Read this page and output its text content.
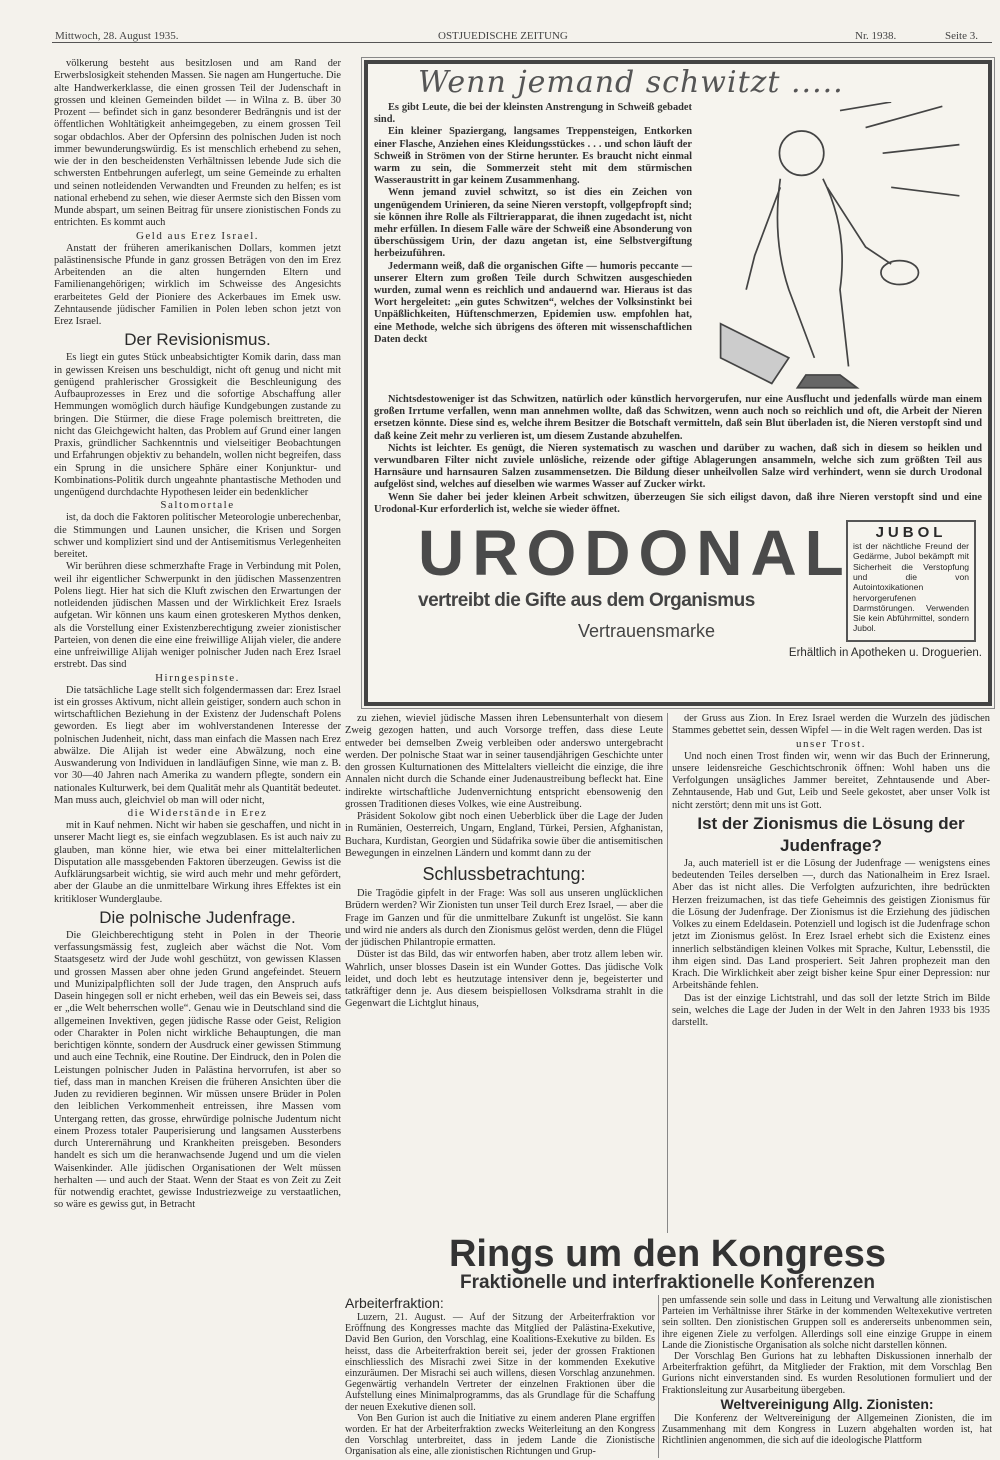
Mittwoch, 28. August 1935.	OSTJUEDISCHE ZEITUNG	Nr. 1938.	Seite 3.

völkerung besteht aus besitzlosen und am Rand der Erwerbslosigkeit stehenden Massen. Sie nagen am Hungertuche. Die alte Handwerkerklasse, die einen grossen Teil der Judenschaft in grossen und kleinen Gemeinden bildet — in Wilna z. B. über 30 Prozent — befindet sich in ganz besonderer Bedrängnis und ist der öffentlichen Wohltätigkeit anheimgegeben, zu einem grossen Teil sogar obdachlos. Aber der Opfersinn des polnischen Juden ist noch immer bewunderungswürdig. Es ist menschlich erhebend zu sehen, wie der in den bescheidensten Verhältnissen lebende Jude sich die schwersten Entbehrungen auferlegt, um seine Gemeinde zu erhalten und seinen notleidenden Verwandten und Freunden zu helfen; es ist national erhebend zu sehen, wie dieser Aermste sich den Bissen vom Munde abspart, um seinen Beitrag für unsere zionistischen Fonds zu entrichten. Es kommt auch

Geld aus Erez Israel.

Anstatt der früheren amerikanischen Dollars, kommen jetzt palästinensische Pfunde in ganz grossen Beträgen von den im Erez Arbeitenden an die alten hungernden Eltern und Familienangehörigen; wirklich im Schweisse des Angesichts erarbeitetes Geld der Pioniere des Ackerbaues im Emek usw. Zehntausende jüdischer Familien in Polen leben schon jetzt von Erez Israel.

Der Revisionismus.

Es liegt ein gutes Stück unbeabsichtigter Komik darin, dass man in gewissen Kreisen uns beschuldigt, nicht oft genug und nicht mit genügend prahlerischer Grossigkeit die Beschleunigung des Aufbauprozesses in Erez und die sofortige Abschaffung aller Hemmungen womöglich durch häufige Kundgebungen zustande zu bringen. Die Stürmer, die diese Frage polemisch breittreten, die nicht das Gleichgewicht halten, das Problem auf Grund einer langen Praxis, gründlicher Sachkenntnis und vielseitiger Beobachtungen und Erfahrungen objektiv zu behandeln, wollen nicht begreifen, dass ein Sprung in die unsichere Sphäre einer Konjunktur- und Kombinations-Politik durch ungeahnte phantastische Methoden und ungenügend durchdachte Hypothesen leider ein bedenklicher

Saltomortale

ist, da doch die Faktoren politischer Meteorologie unberechenbar, die Stimmungen und Launen unsicher, die Krisen und Sorgen schwer und kompliziert sind und der Antisemitismus Verlegenheiten bereitet.

Wir berühren diese schmerzhafte Frage in Verbindung mit Polen, weil ihr eigentlicher Schwerpunkt in den jüdischen Massenzentren Polens liegt. Hier hat sich die Kluft zwischen den Erwartungen der notleidenden jüdischen Massen und der Wirklichkeit Erez Israels aufgetan. Wir können uns kaum einen groteskeren Mythos denken, als die Vorstellung einer Existenzberechtigung zweier zionistischer Parteien, von denen die eine eine freiwillige Alijah vieler, die andere eine unfreiwillige Alijah weniger polnischer Juden nach Erez Israel erstrebt. Das sind

Hirngespinste.

Die tatsächliche Lage stellt sich folgendermassen dar: Erez Israel ist ein grosses Aktivum, nicht allein geistiger, sondern auch schon in wirtschaftlichen Beziehung in der Existenz der Judenschaft Polens geworden. Es liegt aber im wohlverstandenen Interesse der polnischen Judenheit, nicht, dass man einfach die Massen nach Erez abwälze. Die Alijah ist weder eine Abwälzung, noch eine Auswanderung von Individuen in landläufigen Sinne, wie man z. B. vor 30—40 Jahren nach Amerika zu wandern pflegte, sondern ein nationales Kulturwerk, bei dem Qualität mehr als Quantität bedeutet. Man muss auch, gleichviel ob man will oder nicht,

die Widerstände in Erez

mit in Kauf nehmen. Nicht wir haben sie geschaffen, und nicht in unserer Macht liegt es, sie einfach wegzublasen. Es ist auch naiv zu glauben, man könne hier, wie etwa bei einer mittelalterlichen Disputation alle massgebenden Faktoren überzeugen. Gewiss ist die Aufklärungsarbeit wichtig, sie wird auch mehr und mehr gefördert, aber der Glaube an die unmittelbare Wirkung ihres Effektes ist ein kritikloser Wunderglaube.

Die polnische Judenfrage.

Die Gleichberechtigung steht in Polen in der Theorie verfassungsmässig fest, zugleich aber wächst die Not. Vom Staatsgesetz wird der Jude wohl geschützt, von gewissen Klassen und grossen Massen aber ohne jeden Grund angefeindet. Steuern und Munizipalpflichten soll der Jude tragen, den Anspruch aufs Dasein hingegen soll er nicht erheben, weil das ein Beweis sei, dass er „die Welt beherrschen wolle“. Genau wie in Deutschland sind die allgemeinen Invektiven, gegen jüdische Rasse oder Geist, Religion oder Charakter in Polen nicht wirkliche Behauptungen, die man berichtigen könnte, sondern der Ausdruck einer gewissen Stimmung und auch eine Technik, eine Routine. Der Eindruck, den in Polen die Leistungen polnischer Juden in Palästina hervorrufen, ist aber so tief, dass man in manchen Kreisen die früheren Ansichten über die Juden zu revidieren beginnen. Wir müssen unsere Brüder in Polen den leiblichen Verkommenheit entreissen, ihre Massen vom Untergang retten, das grosse, ehrwürdige polnische Judentum nicht einem Prozess totaler Pauperisierung und langsamen Aussterbens durch Unterernährung und Krankheiten preisgeben. Besonders handelt es sich um die heranwachsende Jugend und um die vielen Waisenkinder. Alle jüdischen Organisationen der Welt müssen herhalten — und auch der Staat. Wenn der Staat es von Zeit zu Zeit für notwendig erachtet, gewisse Industriezweige zu verstaatlichen, so wäre es gewiss gut, in Betracht

Wenn jemand schwitzt .....

Es gibt Leute, die bei der kleinsten Anstrengung in Schweiß gebadet sind.

Ein kleiner Spaziergang, langsames Treppensteigen, Entkorken einer Flasche, Anziehen eines Kleidungsstückes . . . und schon läuft der Schweiß in Strömen von der Stirne herunter. Es braucht nicht einmal warm zu sein, die Sommerzeit steht mit dem stürmischen Wasseraustritt in gar keinem Zusammenhang.

Wenn jemand zuviel schwitzt, so ist dies ein Zeichen von ungenügendem Urinieren, da seine Nieren verstopft, vollgepfropft sind; sie können ihre Rolle als Filtrierapparat, die ihnen zugedacht ist, nicht mehr erfüllen. In diesem Falle wäre der Schweiß eine Absonderung von überschüssigem Urin, der dazu angetan ist, eine Selbstvergiftung herbeizuführen.

Jedermann weiß, daß die organischen Gifte — humoris peccante — unserer Eltern zum großen Teile durch Schwitzen ausgeschieden wurden, zumal wenn es reichlich und andauernd war. Hieraus ist das Wort hergeleitet: „ein gutes Schwitzen“, welches der Volksinstinkt bei Unpäßlichkeiten, Hüftenschmerzen, Epidemien usw. empfohlen hat, eine Methode, welche sich übrigens des öfteren mit wissenschaftlichen Daten deckt

Nichtsdestoweniger ist das Schwitzen, natürlich oder künstlich hervorgerufen, nur eine Ausflucht und jedenfalls würde man einem großen Irrtume verfallen, wenn man annehmen wollte, daß das Schwitzen, wenn auch noch so reichlich und oft, die Arbeit der Nieren ersetzen könnte. Diese sind es, welche ihrem Besitzer die Botschaft vermitteln, daß sein Blut überladen ist, die Nieren verstopft sind und daß keine Zeit mehr zu verlieren ist, um diesem Zustande abzuhelfen.

Nichts ist leichter. Es genügt, die Nieren systematisch zu waschen und darüber zu wachen, daß sich in diesem so heiklen und verwundbaren Filter nicht zuviele unlösliche, reizende oder giftige Ablagerungen ansammeln, welche sich zum größten Teil aus Harnsäure und harnsauren Salzen zusammensetzen. Die Bildung dieser unheilvollen Salze wird verhindert, wenn sie durch Urodonal aufgelöst sind, welches auf dieselben wie warmes Wasser auf Zucker wirkt.

Wenn Sie daher bei jeder kleinen Arbeit schwitzen, überzeugen Sie sich eiligst davon, daß ihre Nieren verstopft sind und eine Urodonal-Kur erforderlich ist, welche sie wieder öffnet.

URODONAL
vertreibt die Gifte aus dem Organismus
Vertrauensmarke
JUBOL
ist der nächtliche Freund der Gedärme, Jubol bekämpft mit Sicherheit die Verstopfung und die von Autointoxikationen hervorgerufenen Darmstörungen. Verwenden Sie kein Abführmittel, sondern Jubol.
Erhältlich in Apotheken u. Droguerien.

zu ziehen, wieviel jüdische Massen ihren Lebensunterhalt von diesem Zweig gezogen hatten, und auch Vorsorge treffen, dass diese Leute entweder bei demselben Zweig verbleiben oder anderswo untergebracht werden. Der polnische Staat war in seiner tausendjährigen Geschichte unter den grossen Kulturnationen des Mittelalters vielleicht die einzige, die ihre Annalen nicht durch die Schande einer Judenaustreibung befleckt hat. Eine indirekte wirtschaftliche Judenvernichtung entspricht ebensowenig den grossen Traditionen dieses Volkes, wie eine Austreibung.

Präsident Sokolow gibt noch einen Ueberblick über die Lage der Juden in Rumänien, Oesterreich, Ungarn, England, Türkei, Persien, Afghanistan, Buchara, Kurdistan, Georgien und Südafrika sowie über die antisemitischen Bewegungen in einzelnen Ländern und kommt dann zu der

Schlussbetrachtung:

Die Tragödie gipfelt in der Frage: Was soll aus unseren unglücklichen Brüdern werden? Wir Zionisten tun unser Teil durch Erez Israel, — aber die Frage im Ganzen und für die unmittelbare Zukunft ist ungelöst. Sie kann und wird nie anders als durch den Zionismus gelöst werden, denn die Flügel der jüdischen Philantropie ermatten.

Düster ist das Bild, das wir entworfen haben, aber trotz allem leben wir. Wahrlich, unser blosses Dasein ist ein Wunder Gottes. Das jüdische Volk leidet, und doch lebt es heutzutage intensiver denn je, begeisterter und tatkräftiger denn je. Aus diesem beispiellosen Volksdrama strahlt in die Gegenwart die Lichtglut hinaus,

der Gruss aus Zion. In Erez Israel werden die Wurzeln des jüdischen Stammes gebettet sein, dessen Wipfel — in die Welt ragen werden. Das ist

unser Trost.

Und noch einen Trost finden wir, wenn wir das Buch der Erinnerung, unsere leidensreiche Geschichtschronik öffnen: Wohl haben uns die Verfolgungen unsägliches Jammer bereitet, Zehntausende und Aber-Zehntausende, Hab und Gut, Leib und Seele gekostet, aber unser Volk ist nicht zerstört; denn mit uns ist Gott.

Ist der Zionismus die Lösung der Judenfrage?

Ja, auch materiell ist er die Lösung der Judenfrage — wenigstens eines bedeutenden Teiles derselben —, durch das Nationalheim in Erez Israel. Aber das ist nicht alles. Die Verfolgten aufzurichten, ihre bedrückten Herzen freizumachen, ist das tiefe Geheimnis des geistigen Zionismus für die Lösung der Judenfrage. Der Zionismus ist die Erziehung des jüdischen Volkes zu einem Edeldasein. Potenziell und logisch ist die Judenfrage schon jetzt im Zionismus gelöst. In Erez Israel erhebt sich die Existenz eines innerlich selbständigen kleinen Volkes mit Sprache, Kultur, Lebensstil, die ihm eigen sind. Das Land prosperiert. Seit Jahren prophezeit man den Krach. Die Wirklichkeit aber zeigt bisher keine Spur einer Depression: nur Arbeitshände fehlen.

Das ist der einzige Lichtstrahl, und das soll der letzte Strich im Bilde sein, welches die Lage der Juden in der Welt in den Jahren 1933 bis 1935 darstellt.

Rings um den Kongress
Fraktionelle und interfraktionelle Konferenzen
Arbeiterfraktion:

Luzern, 21. August. — Auf der Sitzung der Arbeiterfraktion vor Eröffnung des Kongresses machte das Mitglied der Palästina-Exekutive, David Ben Gurion, den Vorschlag, eine Koalitions-Exekutive zu bilden. Es heisst, dass die Arbeiterfraktion bereit sei, jeder der grossen Fraktionen einschliesslich des Misrachi zwei Sitze in der kommenden Exekutive einzuräumen. Der Misrachi sei auch willens, diesen Vorschlag anzunehmen. Gegenwärtig verhandeln Vertreter der einzelnen Fraktionen über die Aufstellung eines Minimalprogramms, das als Grundlage für die Schaffung der neuen Exekutive dienen soll.

Von Ben Gurion ist auch die Initiative zu einem anderen Plane ergriffen worden. Er hat der Arbeiterfraktion zwecks Weiterleitung an den Kongress den Vorschlag unterbreitet, dass in jedem Lande die Zionistische Organisation als eine, alle zionistischen Richtungen und Grup-

pen umfassende sein solle und dass in Leitung und Verwaltung alle zionistischen Parteien im Verhältnisse ihrer Stärke in der kommenden Weltexekutive vertreten sein sollten. Den zionistischen Gruppen soll es andererseits unbenommen sein, ihre eigenen Ziele zu verfolgen. Allerdings soll eine einzige Gruppe in einem Lande die Zionistische Organisation als solche nicht darstellen können.

Der Vorschlag Ben Gurions hat zu lebhaften Diskussionen innerhalb der Arbeiterfraktion geführt, da Mitglieder der Fraktion, mit dem Vorschlag Ben Gurions nicht einverstanden sind. Es wurden Resolutionen formuliert und der Fraktionsleitung zur Ausarbeitung übergeben.

Weltvereinigung Allg. Zionisten:

Die Konferenz der Weltvereinigung der Allgemeinen Zionisten, die im Zusammenhang mit dem Kongress in Luzern abgehalten worden ist, hat Richtlinien angenommen, die sich auf die ideologische Plattform
